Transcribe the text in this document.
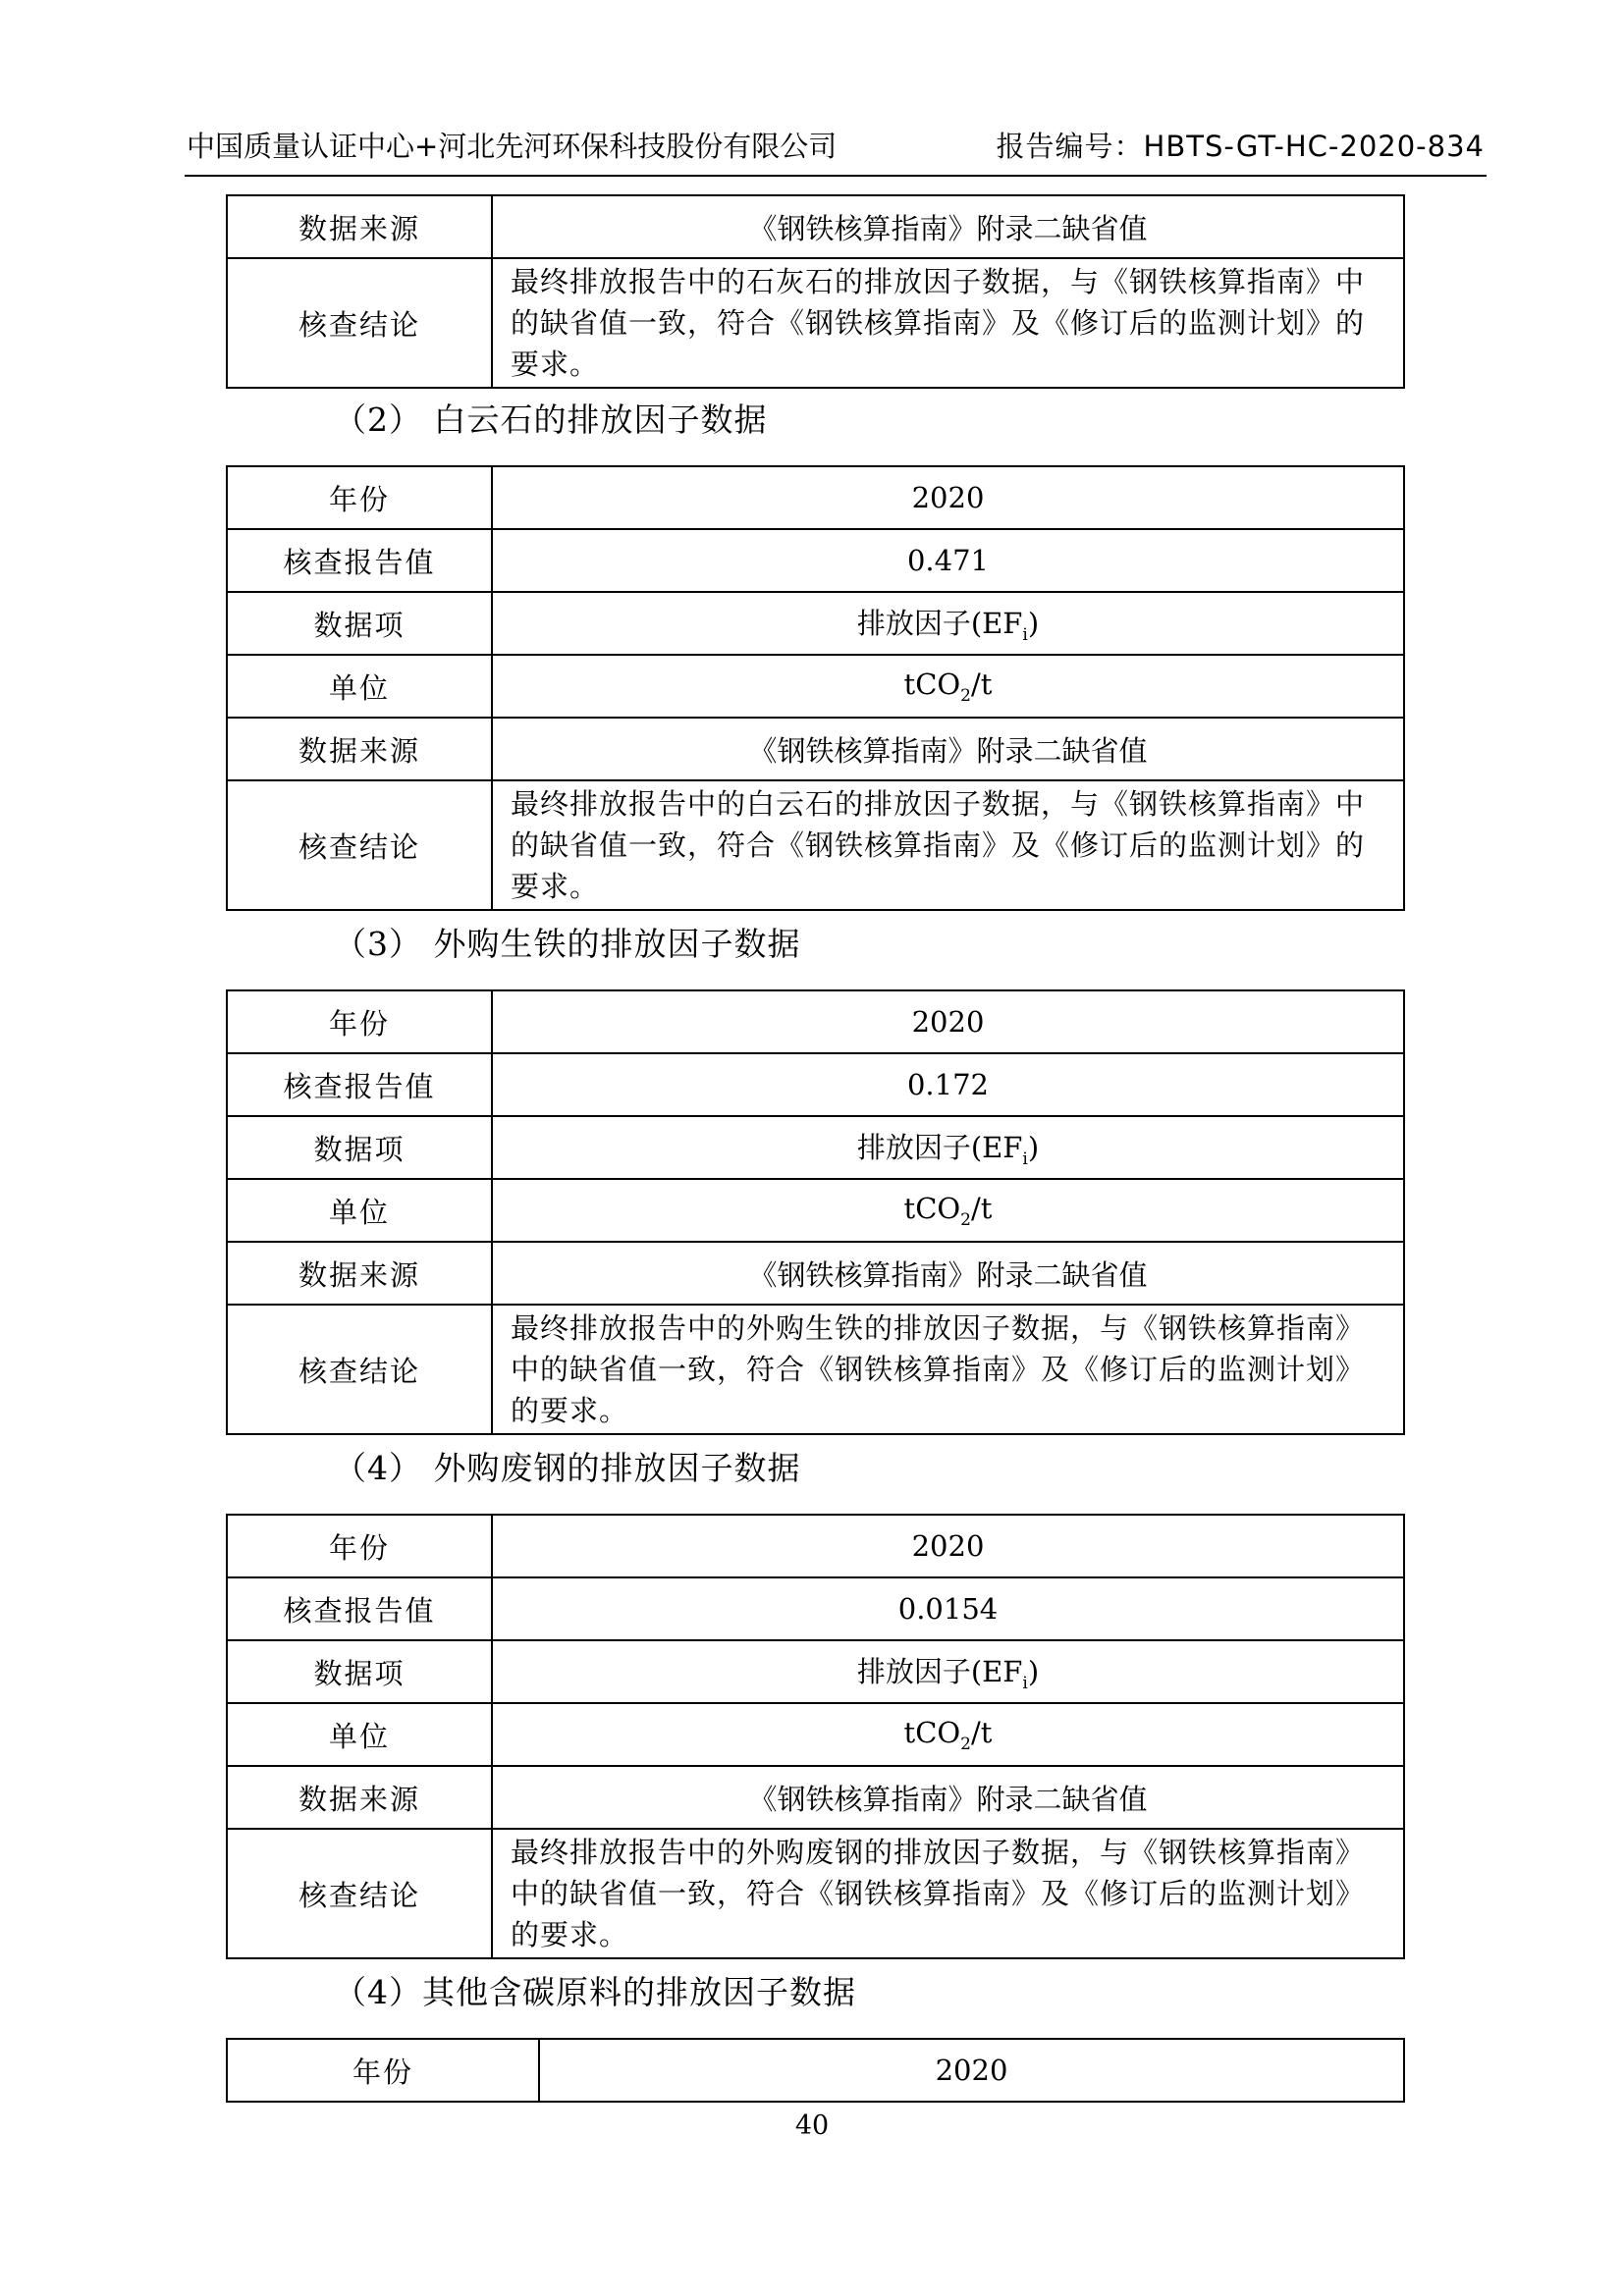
中国质量认证中心+河北先河环保科技股份有限公司	报告编号：HBTS-GT-HC-2020-834
数据来源	《钢铁核算指南》附录二缺省值
核查结论	最终排放报告中的石灰石的排放因子数据，与《钢铁核算指南》中的缺省值一致，符合《钢铁核算指南》及《修订后的监测计划》的要求。
（2） 白云石的排放因子数据
年份	2020
核查报告值	0.471
数据项	排放因子$(EF_i)$
单位	tCO$_2$/t
数据来源	《钢铁核算指南》附录二缺省值
核查结论	最终排放报告中的白云石的排放因子数据，与《钢铁核算指南》中的缺省值一致，符合《钢铁核算指南》及《修订后的监测计划》的要求。
（3） 外购生铁的排放因子数据
年份	2020
核查报告值	0.172
数据项	排放因子$(EF_i)$
单位	tCO$_2$/t
数据来源	《钢铁核算指南》附录二缺省值
核查结论	最终排放报告中的外购生铁的排放因子数据，与《钢铁核算指南》中的缺省值一致，符合《钢铁核算指南》及《修订后的监测计划》的要求。
（4） 外购废钢的排放因子数据
年份	2020
核查报告值	0.0154
数据项	排放因子$(EF_i)$
单位	tCO$_2$/t
数据来源	《钢铁核算指南》附录二缺省值
核查结论	最终排放报告中的外购废钢的排放因子数据，与《钢铁核算指南》中的缺省值一致，符合《钢铁核算指南》及《修订后的监测计划》的要求。
（4）其他含碳原料的排放因子数据
年份	2020
40
